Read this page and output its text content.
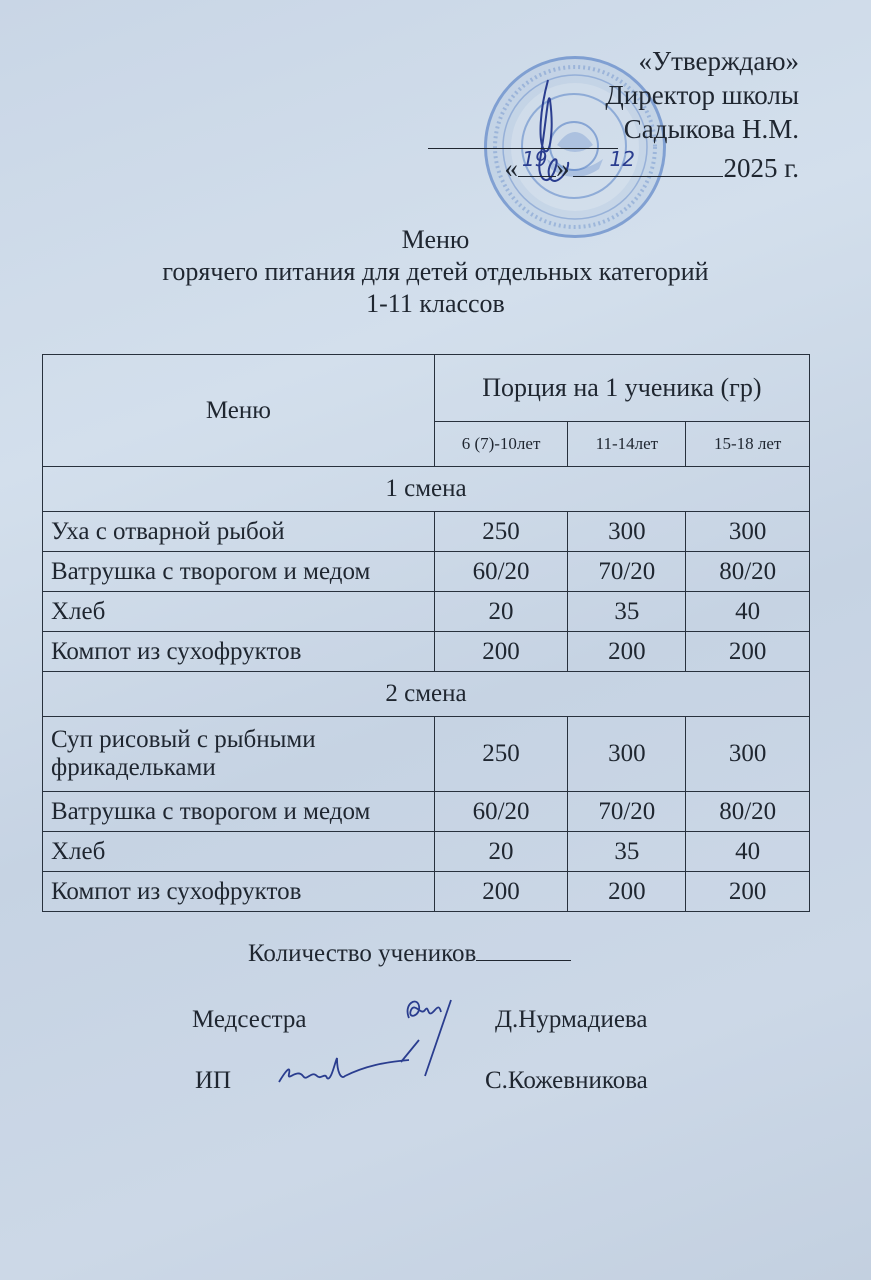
«Утверждаю»
Директор школы
Садыкова Н.М.
« 19 » 12	2025 г.
Меню
горячего питания для детей отдельных категорий
1-11 классов
Меню	Порция на 1 ученика (гр)		
	6 (7)-10лет	11-14лет	15-18 лет
1 смена			
Уха с отварной рыбой	250	300	300
Ватрушка с творогом и медом	60/20	70/20	80/20
Хлеб	20	35	40
Компот из сухофруктов	200	200	200
2 смена			
Суп рисовый с рыбными фрикадельками	250	300	300
Ватрушка с творогом и медом	60/20	70/20	80/20
Хлеб	20	35	40
Компот из сухофруктов	200	200	200
Количество учеников
Медсестра	Д.Нурмадиева
ИП	С.Кожевникова
